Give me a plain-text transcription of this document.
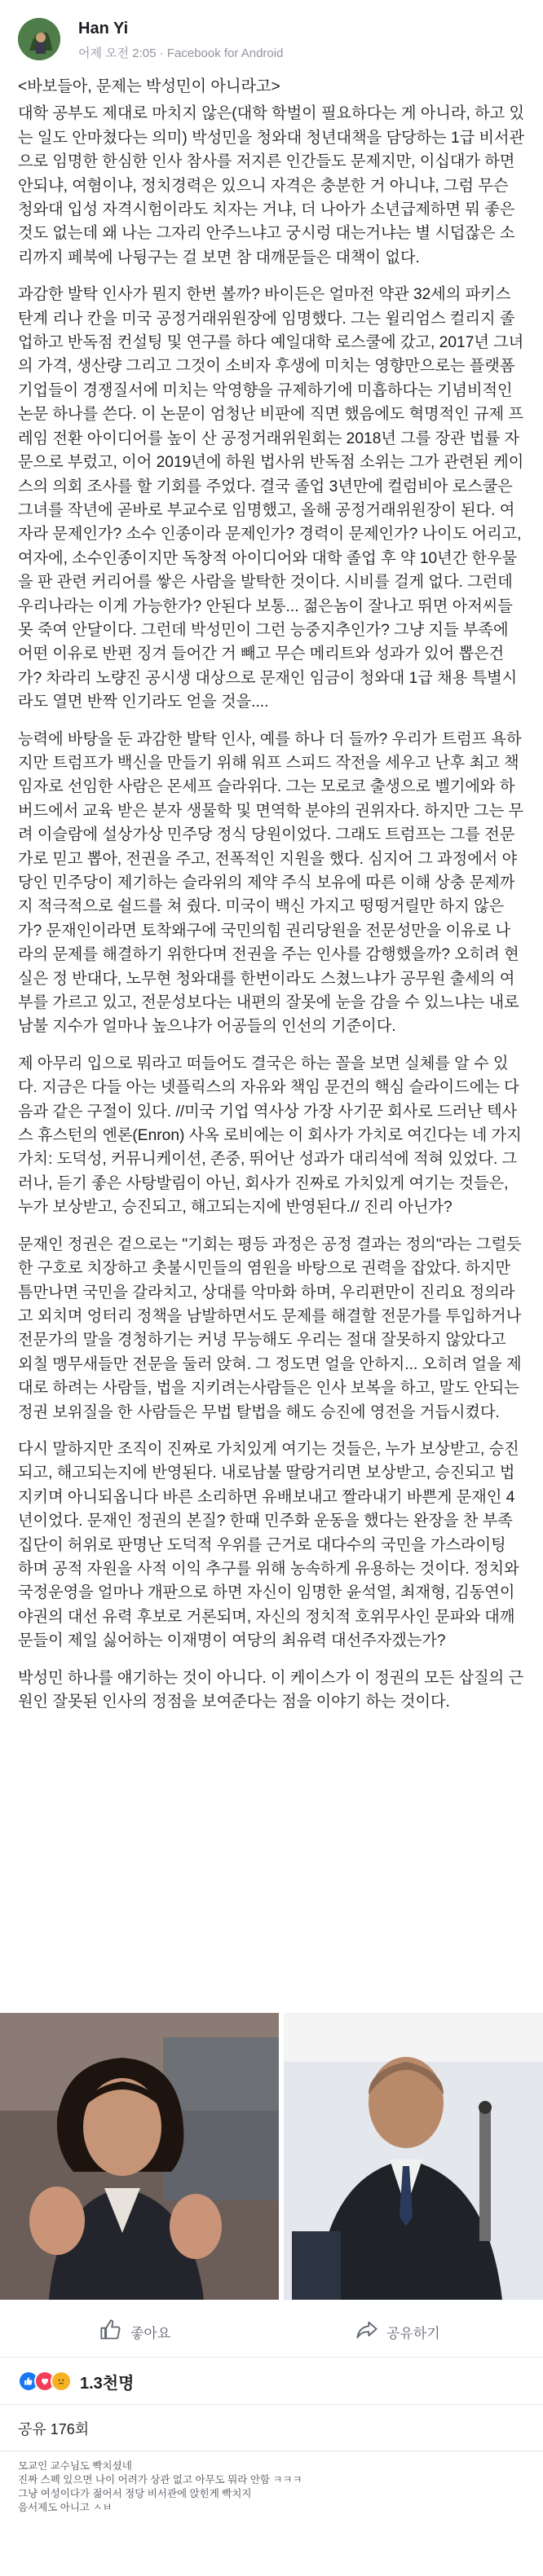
Han Yi
어제 오전 2:05 · Facebook for Android

<바보들아, 문제는 박성민이 아니라고>

대학 공부도 제대로 마치지 않은(대학 학벌이 필요하다는 게 아니라, 하고 있는 일도 안마쳤다는 의미) 박성민을 청와대 청년대책을 담당하는 1급 비서관으로 임명한 한심한 인사 참사를 저지른 인간들도 문제지만, 이십대가 하면 안되냐, 여혐이냐, 정치경력은 있으니 자격은 충분한 거 아니냐, 그럼 무슨 청와대 입성 자격시험이라도 치자는 거냐, 더 나아가 소년급제하면 뭐 좋은 것도 없는데 왜 나는 그자리 안주느냐고 궁시렁 대는거냐는 별 시덥잖은 소리까지 페북에 나뒹구는 걸 보면 참 대깨문들은 대책이 없다.

과감한 발탁 인사가 뭔지 한번 볼까? 바이든은 얼마전 약관 32세의 파키스탄계 리나 칸을 미국 공정거래위원장에 임명했다. 그는 윌리엄스 컬리지 졸업하고 반독점 컨설팅 및 연구를 하다 예일대학 로스쿨에 갔고, 2017년 그녀의 가격, 생산량 그리고 그것이 소비자 후생에 미치는 영향만으로는 플랫폼 기업들이 경쟁질서에 미치는 악영향을 규제하기에 미흡하다는 기념비적인 논문 하나를 쓴다. 이 논문이 엄청난 비판에 직면 했음에도 혁명적인 규제 프레임 전환 아이디어를 높이 산 공정거래위원회는 2018년 그를 장관 법률 자문으로 부렀고, 이어 2019년에 하원 법사위 반독점 소위는 그가 관련된 케이스의 의회 조사를 할 기회를 주었다. 결국 졸업 3년만에 컬럼비아 로스쿨은 그녀를 작년에 곧바로 부교수로 임명했고, 올해 공정거래위원장이 된다. 여자라 문제인가? 소수 인종이라 문제인가? 경력이 문제인가? 나이도 어리고, 여자에, 소수인종이지만 독창적 아이디어와 대학 졸업 후 약 10년간 한우물을 판 관련 커리어를 쌓은 사람을 발탁한 것이다. 시비를 걸게 없다. 그런데 우리나라는 이게 가능한가? 안된다 보통... 젊은놈이 잘나고 뛰면 아저씨들 못 죽여 안달이다. 그런데 박성민이 그런 능중지추인가? 그냥 지들 부족에 어떤 이유로 반편 징겨 들어간 거 빼고 무슨 메리트와 성과가 있어 뽑은건가? 차라리 노량진 공시생 대상으로 문재인 임금이 청와대 1급 채용 특별시라도 열면 반짝 인기라도 얻을 것을....

능력에 바탕을 둔 과감한 발탁 인사, 예를 하나 더 들까? 우리가 트럼프 욕하지만 트럼프가 백신을 만들기 위해 워프 스피드 작전을 세우고 난후 최고 책임자로 선임한 사람은 몬세프 슬라위다. 그는 모로코 출생으로 벨기에와 하버드에서 교육 받은 분자 생물학 및 면역학 분야의 권위자다. 하지만 그는 무려 이슬람에 설상가상 민주당 정식 당원이었다. 그래도 트럼프는 그를 전문가로 믿고 뽑아, 전권을 주고, 전폭적인 지원을 했다. 심지어 그 과정에서 야당인 민주당이 제기하는 슬라위의 제약 주식 보유에 따른 이해 상충 문제까지 적극적으로 쉴드를 쳐 줬다. 미국이 백신 가지고 떵떵거릴만 하지 않은가? 문재인이라면 토착왜구에 국민의힘 권리당원을 전문성만을 이유로 나라의 문제를 해결하기 위한다며 전권을 주는 인사를 감행했을까? 오히려 현실은 정 반대다, 노무현 청와대를 한번이라도 스쳤느냐가 공무원 출세의 여부를 가르고 있고, 전문성보다는 내편의 잘못에 눈을 감을 수 있느냐는 내로남불 지수가 얼마나 높으냐가 어공들의 인선의 기준이다.

제 아무리 입으로 뭐라고 떠들어도 결국은 하는 꼴을 보면 실체를 알 수 있다. 지금은 다들 아는 넷플릭스의 자유와 책임 문건의 핵심 슬라이드에는 다음과 같은 구절이 있다. //미국 기업 역사상 가장 사기꾼 회사로 드러난 텍사스 휴스턴의 엔론(Enron) 사옥 로비에는 이 회사가 가치로 여긴다는 네 가지 가치: 도덕성, 커뮤니케이션, 존중, 뛰어난 성과가 대리석에 적혀 있었다. 그러나, 듣기 좋은 사탕발림이 아닌, 회사가 진짜로 가치있게 여기는 것들은, 누가 보상받고, 승진되고, 해고되는지에 반영된다.// 진리 아닌가?

문재인 정권은 겉으로는 "기회는 평등 과정은 공정 결과는 정의"라는 그럴듯한 구호로 치장하고 촛불시민들의 염원을 바탕으로 권력을 잡았다. 하지만 틈만나면 국민을 갈라치고, 상대를 악마화 하며, 우리편만이 진리요 정의라고 외치며 엉터리 정책을 남발하면서도 문제를 해결할 전문가를 투입하거나 전문가의 말을 경청하기는 커녕 무능해도 우리는 절대 잘못하지 않았다고 외칠 맹무새들만 전문을 둘러 앉혀. 그 정도면 얼을 안하지... 오히려 얼을 제대로 하려는 사람들, 법을 지키려는사람들은 인사 보복을 하고, 말도 안되는 정권 보위질을 한 사람들은 무법 탈법을 해도 승진에 영전을 거듭시켰다.

다시 말하지만 조직이 진짜로 가치있게 여기는 것들은, 누가 보상받고, 승진되고, 해고되는지에 반영된다. 내로남불 딸랑거리면 보상받고, 승진되고 법지키며 아니되옵니다 바른 소리하면 유배보내고 짤라내기 바쁜게 문재인 4년이었다. 문재인 정권의 본질? 한때 민주화 운동을 했다는 완장을 찬 부족집단이 허위로 판명난 도덕적 우위를 근거로 대다수의 국민을 가스라이팅 하며 공적 자원을 사적 이익 추구를 위해 농속하게 유용하는 것이다. 정치와 국정운영을 얼마나 개판으로 하면 자신이 임명한 윤석열, 최재형, 김동연이 야권의 대선 유력 후보로 거론되며, 자신의 정치적 호위무사인 문파와 대깨문들이 제일 싫어하는 이재명이 여당의 최유력 대선주자겠는가?

박성민 하나를 얘기하는 것이 아니다. 이 케이스가 이 정권의 모든 삽질의 근원인 잘못된 인사의 정점을 보여준다는 점을 이야기 하는 것이다.

좋아요	공유하기
1.3천명
공유 176회
모교인 교수님도 빡치셨네
진짜 스펙 있으면 나이 어려가 상관 없고 아무도 뭐라 안함 ㅋㅋㅋ
그냥 여성이다가 젊어서 정당 비서관에 앉힌게 빡치지
음서제도 아니고 ㅅㅂ
